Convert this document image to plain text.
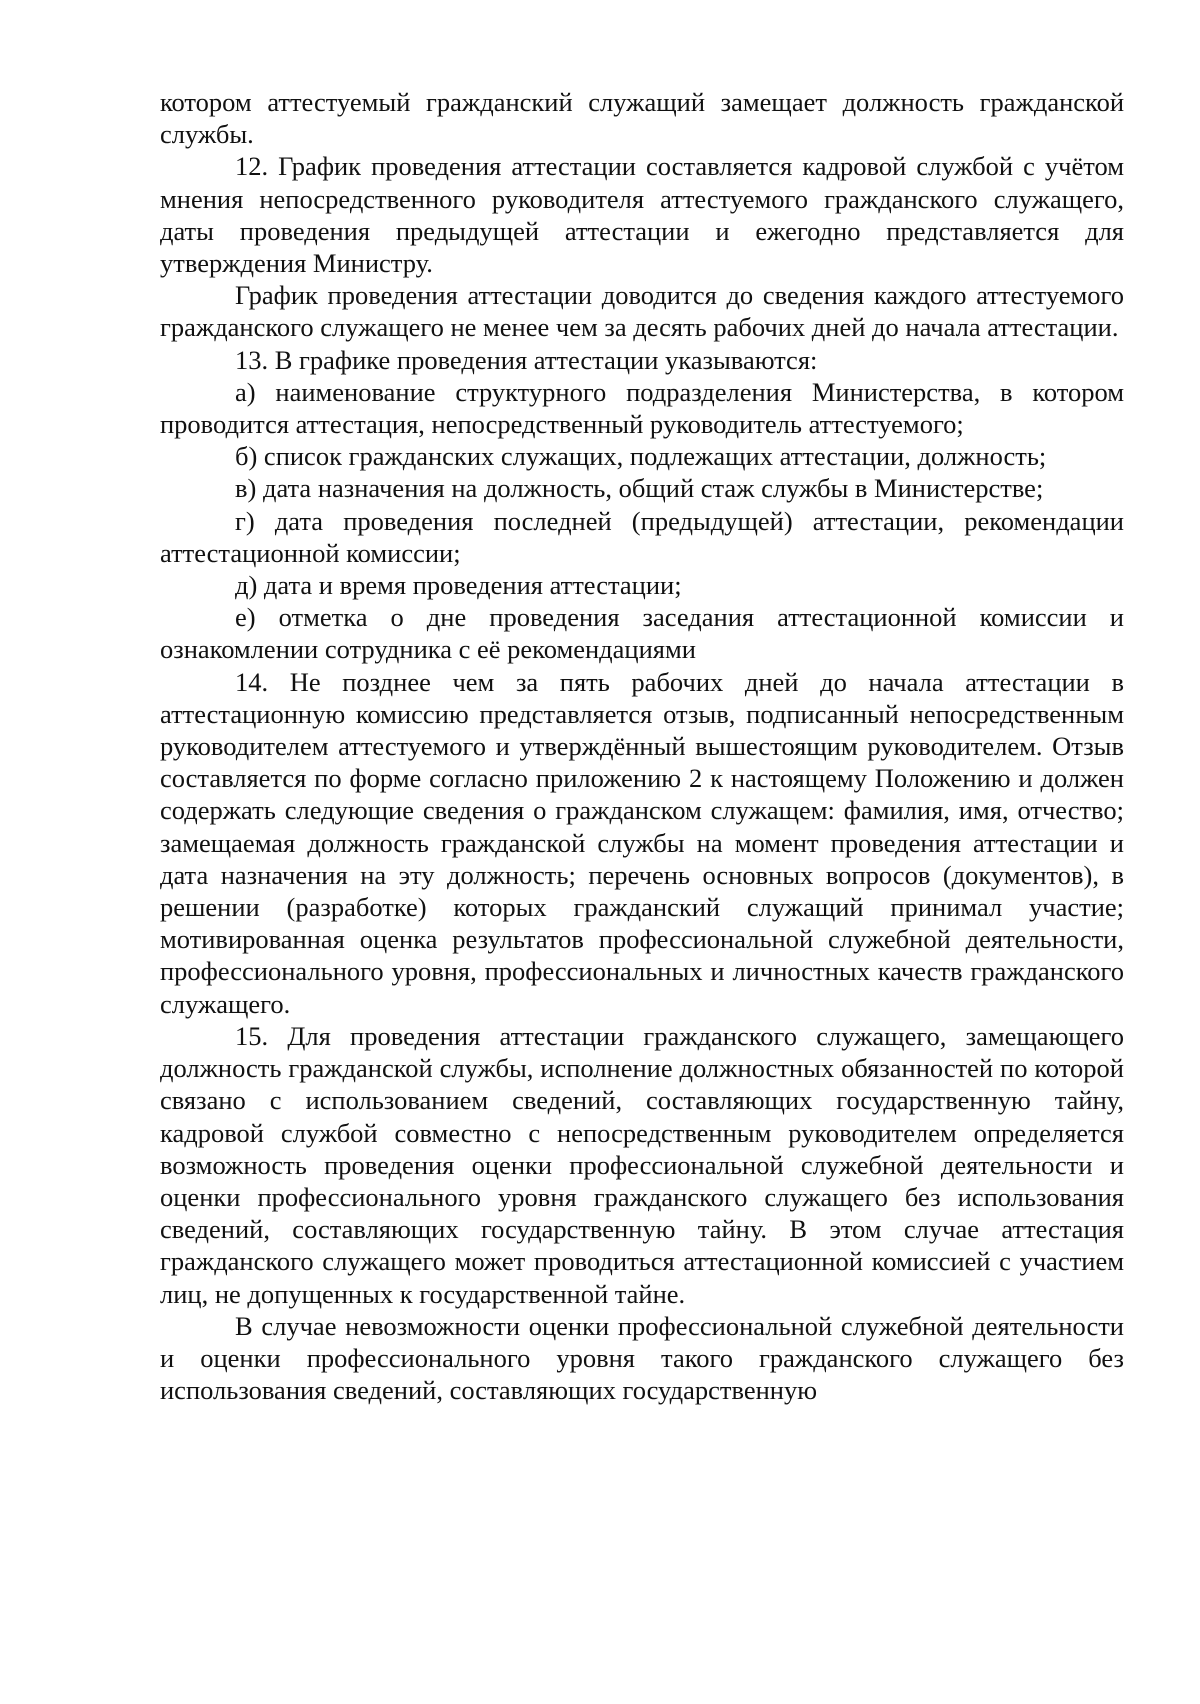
котором аттестуемый гражданский служащий замещает должность гражданской службы.

12. График проведения аттестации составляется кадровой службой с учётом мнения непосредственного руководителя аттестуемого гражданского служащего, даты проведения предыдущей аттестации и ежегодно представляется для утверждения Министру.

График проведения аттестации доводится до сведения каждого аттестуемого гражданского служащего не менее чем за десять рабочих дней до начала аттестации.

13. В графике проведения аттестации указываются:

а) наименование структурного подразделения Министерства, в котором проводится аттестация, непосредственный руководитель аттестуемого;

б) список гражданских служащих, подлежащих аттестации, должность;

в) дата назначения на должность, общий стаж службы в Министерстве;

г) дата проведения последней (предыдущей) аттестации, рекомендации аттестационной комиссии;

д) дата и время проведения аттестации;

е) отметка о дне проведения заседания аттестационной комиссии и ознакомлении сотрудника с её рекомендациями

14. Не позднее чем за пять рабочих дней до начала аттестации в аттестационную комиссию представляется отзыв, подписанный непосредственным руководителем аттестуемого и утверждённый вышестоящим руководителем. Отзыв составляется по форме согласно приложению 2 к настоящему Положению и должен содержать следующие сведения о гражданском служащем: фамилия, имя, отчество; замещаемая должность гражданской службы на момент проведения аттестации и дата назначения на эту должность; перечень основных вопросов (документов), в решении (разработке) которых гражданский служащий принимал участие; мотивированная оценка результатов профессиональной служебной деятельности, профессионального уровня, профессиональных и личностных качеств гражданского служащего.

15. Для проведения аттестации гражданского служащего, замещающего должность гражданской службы, исполнение должностных обязанностей по которой связано с использованием сведений, составляющих государственную тайну, кадровой службой совместно с непосредственным руководителем определяется возможность проведения оценки профессиональной служебной деятельности и оценки профессионального уровня гражданского служащего без использования сведений, составляющих государственную тайну. В этом случае аттестация гражданского служащего может проводиться аттестационной комиссией с участием лиц, не допущенных к государственной тайне.

В случае невозможности оценки профессиональной служебной деятельности и оценки профессионального уровня такого гражданского служащего без использования сведений, составляющих государственную
